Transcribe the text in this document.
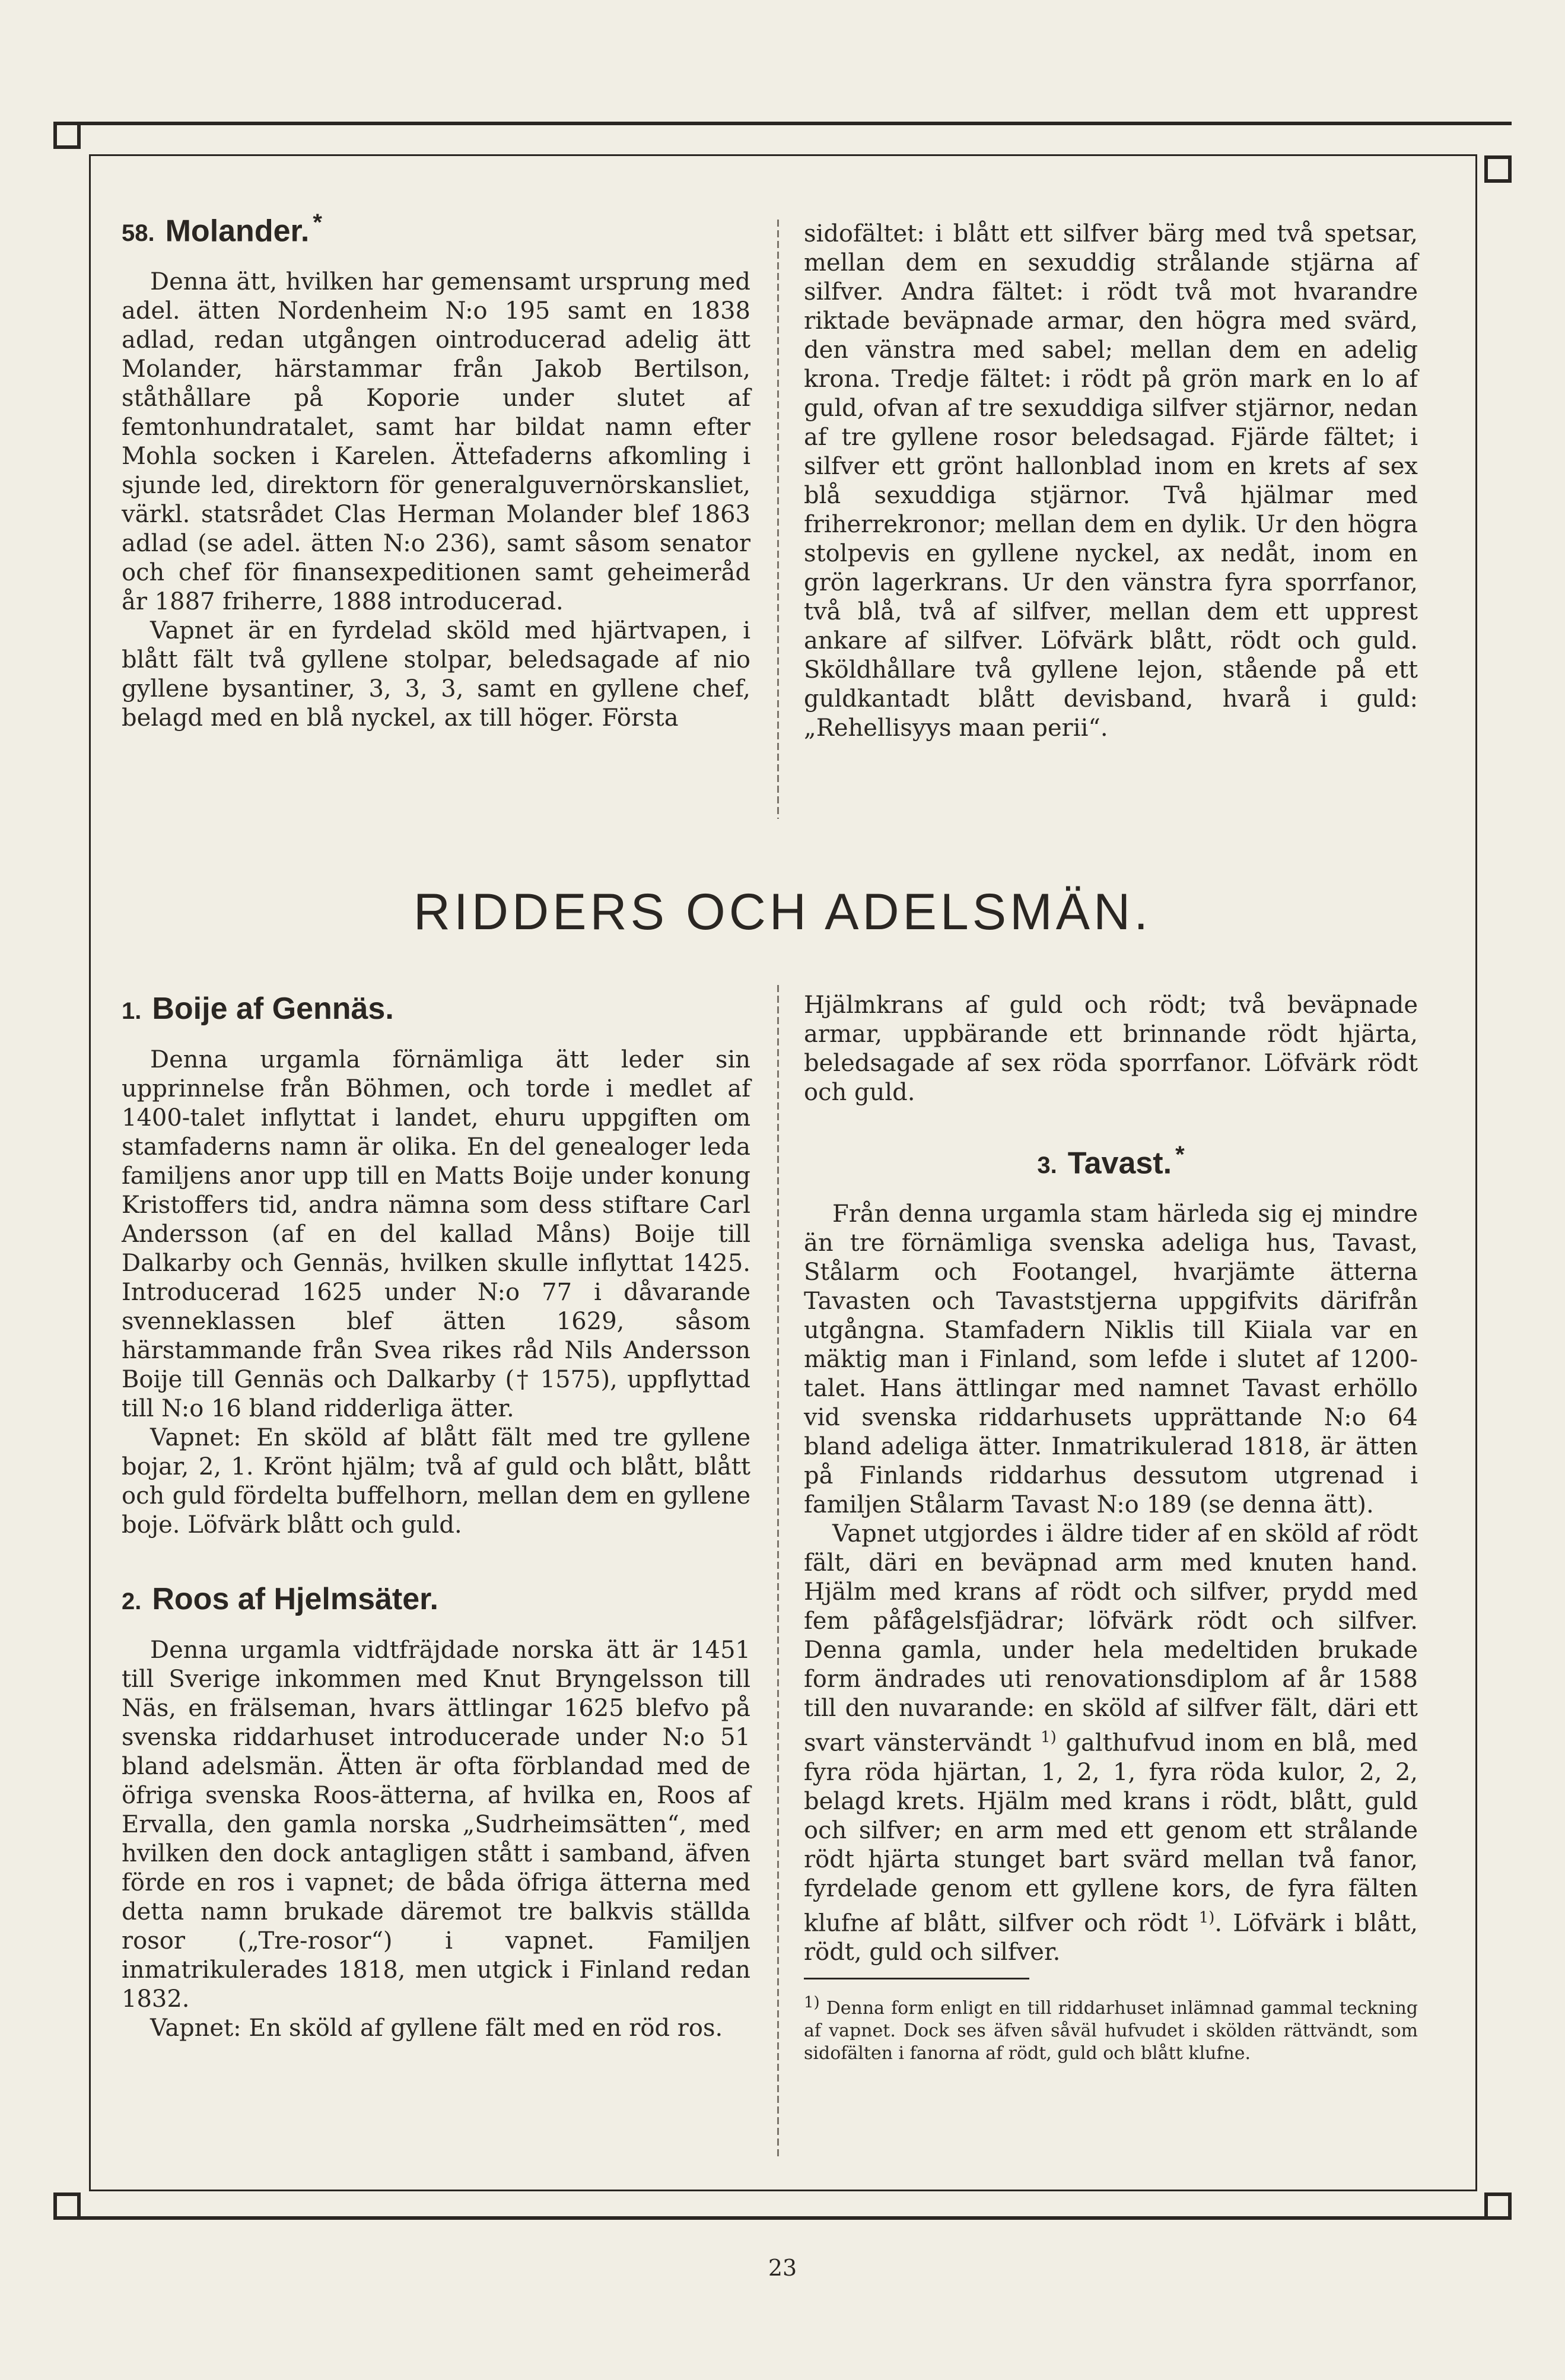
58. Molander. *

Denna ätt, hvilken har gemensamt ursprung med adel. ätten Nordenheim N:o 195 samt en 1838 adlad, redan utgången ointroducerad adelig ätt Molander, härstammar från Jakob Bertilson, ståthållare på Koporie under slutet af femtonhundratalet, samt har bildat namn efter Mohla socken i Karelen. Ättefaderns afkomling i sjunde led, direktorn för generalguvernörskansliet, värkl. statsrådet Clas Herman Molander blef 1863 adlad (se adel. ätten N:o 236), samt såsom senator och chef för finansexpeditionen samt geheimeråd år 1887 friherre, 1888 introducerad.

Vapnet är en fyrdelad sköld med hjärtvapen, i blått fält två gyllene stolpar, beledsagade af nio gyllene bysantiner, 3, 3, 3, samt en gyllene chef, belagd med en blå nyckel, ax till höger. Första

sidofältet: i blått ett silfver bärg med två spetsar, mellan dem en sexuddig strålande stjärna af silfver. Andra fältet: i rödt två mot hvarandre riktade beväpnade armar, den högra med svärd, den vänstra med sabel; mellan dem en adelig krona. Tredje fältet: i rödt på grön mark en lo af guld, ofvan af tre sexuddiga silfver stjärnor, nedan af tre gyllene rosor beledsagad. Fjärde fältet; i silfver ett grönt hallonblad inom en krets af sex blå sexuddiga stjärnor. Två hjälmar med friherrekronor; mellan dem en dylik. Ur den högra stolpevis en gyllene nyckel, ax nedåt, inom en grön lagerkrans. Ur den vänstra fyra sporrfanor, två blå, två af silfver, mellan dem ett upprest ankare af silfver. Löfvärk blått, rödt och guld. Sköldhållare två gyllene lejon, stående på ett guldkantadt blått devisband, hvarå i guld: „Rehellisyys maan perii“.

RIDDERS OCH ADELSMÄN.
1. Boije af Gennäs.

Denna urgamla förnämliga ätt leder sin upprinnelse från Böhmen, och torde i medlet af 1400-talet inflyttat i landet, ehuru uppgiften om stamfaderns namn är olika. En del genealoger leda familjens anor upp till en Matts Boije under konung Kristoffers tid, andra nämna som dess stiftare Carl Andersson (af en del kallad Måns) Boije till Dalkarby och Gennäs, hvilken skulle inflyttat 1425. Introducerad 1625 under N:o 77 i dåvarande svenneklassen blef ätten 1629, såsom härstammande från Svea rikes råd Nils Andersson Boije till Gennäs och Dalkarby († 1575), uppflyttad till N:o 16 bland ridderliga ätter.

Vapnet: En sköld af blått fält med tre gyllene bojar, 2, 1. Krönt hjälm; två af guld och blått, blått och guld fördelta buffelhorn, mellan dem en gyllene boje. Löfvärk blått och guld.

2. Roos af Hjelmsäter.

Denna urgamla vidtfräjdade norska ätt är 1451 till Sverige inkommen med Knut Bryngelsson till Näs, en frälseman, hvars ättlingar 1625 blefvo på svenska riddarhuset introducerade under N:o 51 bland adelsmän. Ätten är ofta förblandad med de öfriga svenska Roos-ätterna, af hvilka en, Roos af Ervalla, den gamla norska „Sudrheimsätten“, med hvilken den dock antagligen stått i samband, äfven förde en ros i vapnet; de båda öfriga ätterna med detta namn brukade däremot tre balkvis ställda rosor („Tre-rosor“) i vapnet. Familjen inmatrikulerades 1818, men utgick i Finland redan 1832.

Vapnet: En sköld af gyllene fält med en röd ros.

Hjälmkrans af guld och rödt; två beväpnade armar, uppbärande ett brinnande rödt hjärta, beledsagade af sex röda sporrfanor. Löfvärk rödt och guld.

3. Tavast. *

Från denna urgamla stam härleda sig ej mindre än tre förnämliga svenska adeliga hus, Tavast, Stålarm och Footangel, hvarjämte ätterna Tavasten och Tavaststjerna uppgifvits därifrån utgångna. Stamfadern Niklis till Kiiala var en mäktig man i Finland, som lefde i slutet af 1200-talet. Hans ättlingar med namnet Tavast erhöllo vid svenska riddarhusets upprättande N:o 64 bland adeliga ätter. Inmatrikulerad 1818, är ätten på Finlands riddarhus dessutom utgrenad i familjen Stålarm Tavast N:o 189 (se denna ätt).

Vapnet utgjordes i äldre tider af en sköld af rödt fält, däri en beväpnad arm med knuten hand. Hjälm med krans af rödt och silfver, prydd med fem påfågelsfjädrar; löfvärk rödt och silfver. Denna gamla, under hela medeltiden brukade form ändrades uti renovationsdiplom af år 1588 till den nuvarande: en sköld af silfver fält, däri ett svart vänstervändt $^{1)}$ galthufvud inom en blå, med fyra röda hjärtan, 1, 2, 1, fyra röda kulor, 2, 2, belagd krets. Hjälm med krans i rödt, blått, guld och silfver; en arm med ett genom ett strålande rödt hjärta stunget bart svärd mellan två fanor, fyrdelade genom ett gyllene kors, de fyra fälten klufne af blått, silfver och rödt $^{1)}$. Löfvärk i blått, rödt, guld och silfver.

1) Denna form enligt en till riddarhuset inlämnad gammal teckning af vapnet. Dock ses äfven såväl hufvudet i skölden rättvändt, som sidofälten i fanorna af rödt, guld och blått klufne.

23
